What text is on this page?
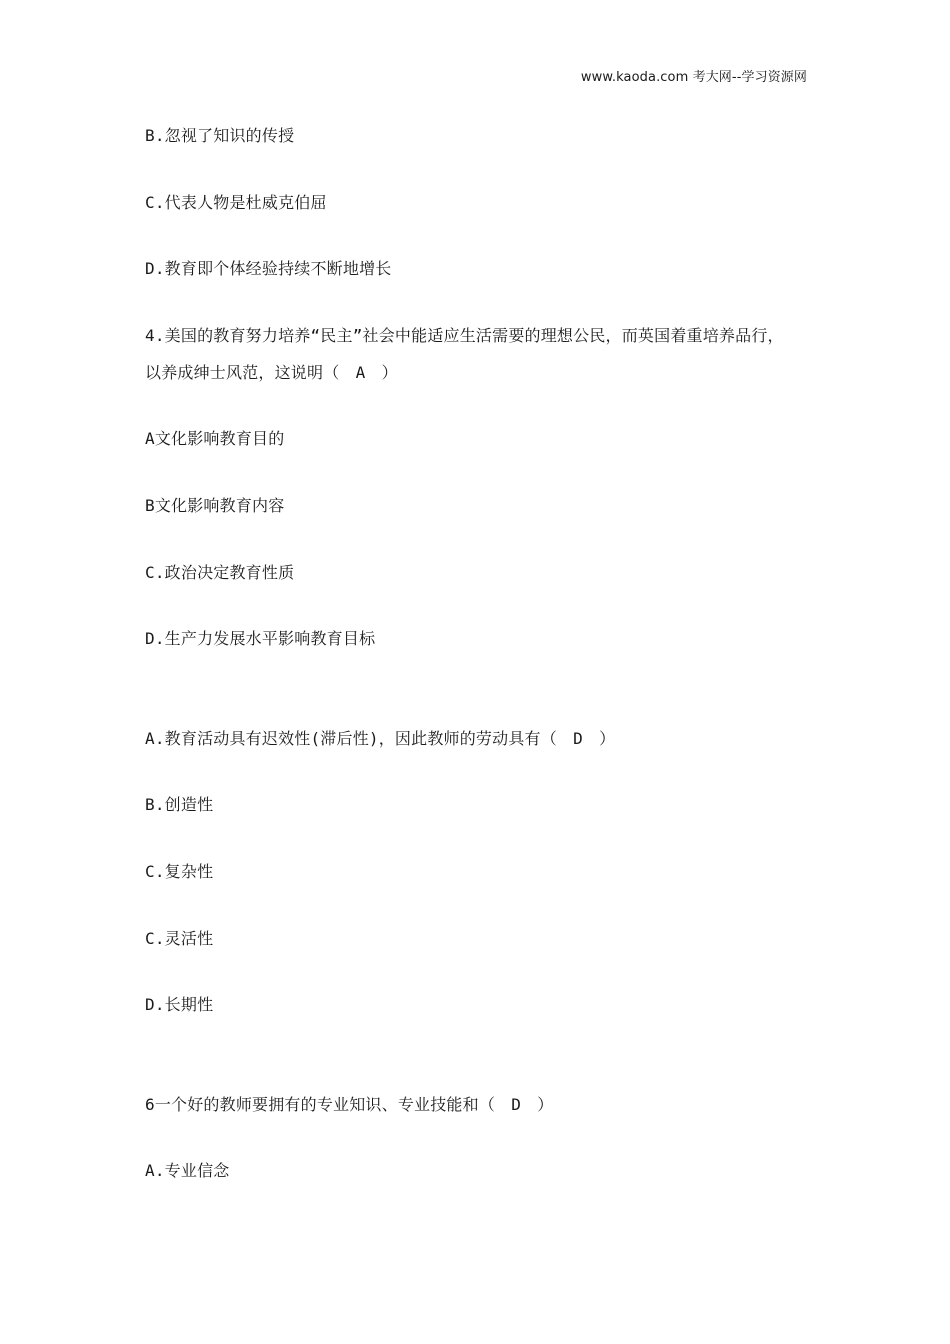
www.kaoda.com 考大网--学习资源网
B.忽视了知识的传授
C.代表人物是杜威克伯屈
D.教育即个体经验持续不断地增长
4.美国的教育努力培养“民主”社会中能适应生活需要的理想公民，而英国着重培养品行，
以养成绅士风范，这说明（　A　）
A文化影响教育目的
B文化影响教育内容
C.政治决定教育性质
D.生产力发展水平影响教育目标
A.教育活动具有迟效性(滞后性)，因此教师的劳动具有（　D　）
B.创造性
C.复杂性
C.灵活性
D.长期性
6一个好的教师要拥有的专业知识、专业技能和（　D　）
A.专业信念
